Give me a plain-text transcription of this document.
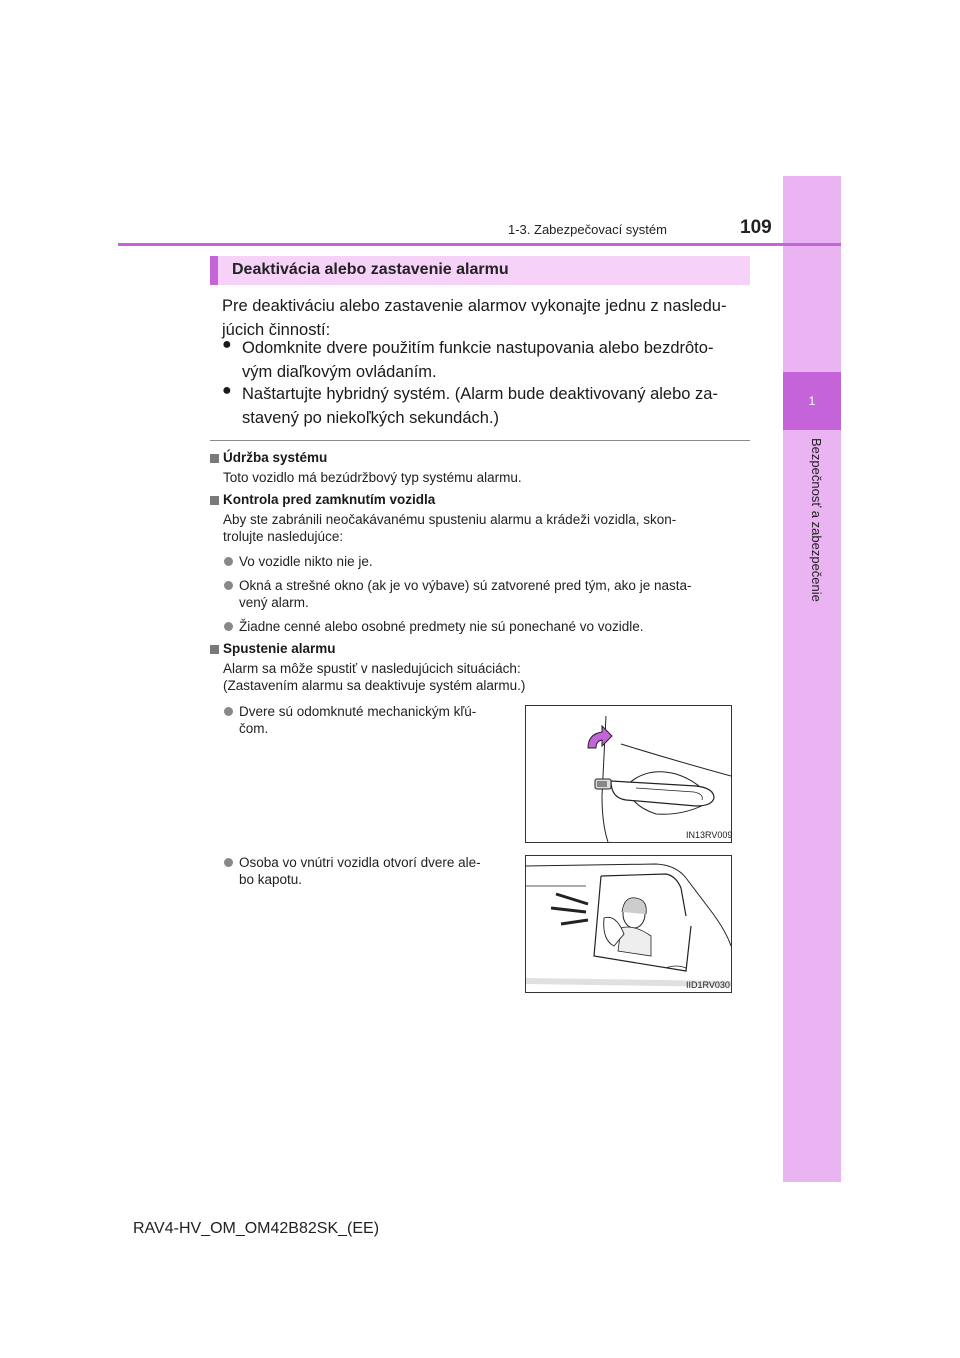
1
Bezpečnosť a zabezpečenie
1-3. Zabezpečovací systém	109
Deaktivácia alebo zastavenie alarmu
Pre deaktiváciu alebo zastavenie alarmov vykonajte jednu z nasledu-
júcich činností:
● Odomknite dvere použitím funkcie nastupovania alebo bezdrôto-
vým diaľkovým ovládaním.
● Naštartujte hybridný systém. (Alarm bude deaktivovaný alebo za-
stavený po niekoľkých sekundách.)
Údržba systému
Toto vozidlo má bezúdržbový typ systému alarmu.
Kontrola pred zamknutím vozidla
Aby ste zabránili neočakávanému spusteniu alarmu a krádeži vozidla, skon-
trolujte nasledujúce:
Vo vozidle nikto nie je.
Okná a strešné okno (ak je vo výbave) sú zatvorené pred tým, ako je nasta-
vený alarm.
Žiadne cenné alebo osobné predmety nie sú ponechané vo vozidle.
Spustenie alarmu
Alarm sa môže spustiť v nasledujúcich situáciách:
(Zastavením alarmu sa deaktivuje systém alarmu.)
Dvere sú odomknuté mechanickým kľú-
čom.
IN13RV009
Osoba vo vnútri vozidla otvorí dvere ale-
bo kapotu.
IID1RV030
RAV4-HV_OM_OM42B82SK_(EE)
